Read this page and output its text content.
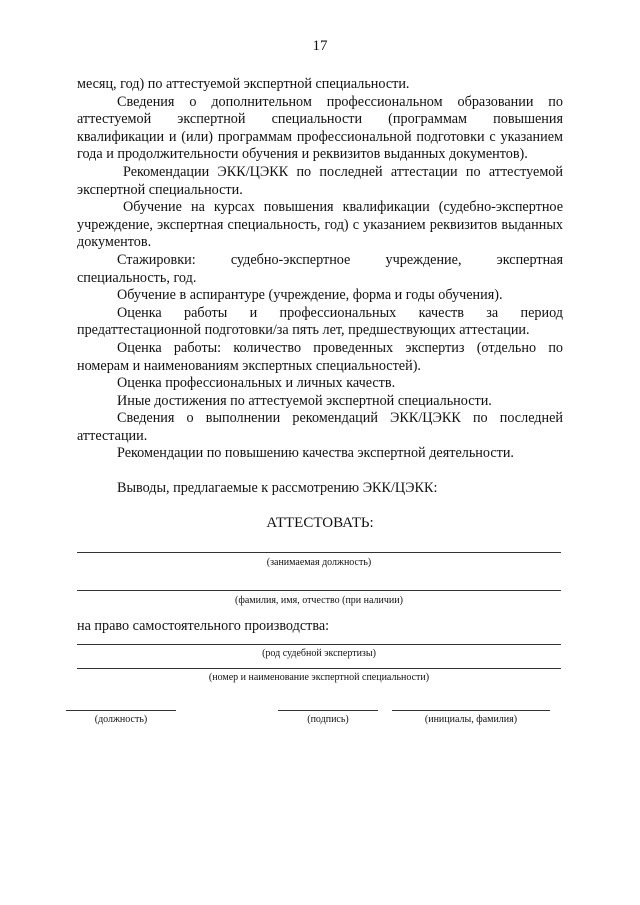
17

месяц, год) по аттестуемой экспертной специальности.

Сведения о дополнительном профессиональном образовании по аттестуемой экспертной специальности (программам повышения квалификации и (или) программам профессиональной подготовки с указанием года и продолжительности обучения и реквизитов выданных документов).

Рекомендации ЭКК/ЦЭКК по последней аттестации по аттестуемой экспертной специальности.

Обучение на курсах повышения квалификации (судебно-экспертное учреждение, экспертная специальность, год) с указанием реквизитов выданных документов.

Стажировки: судебно-экспертное учреждение, экспертная специальность, год.

Обучение в аспирантуре (учреждение, форма и годы обучения).

Оценка работы и профессиональных качеств за период предаттестационной подготовки/за пять лет, предшествующих аттестации.

Оценка работы: количество проведенных экспертиз (отдельно по номерам и наименованиям экспертных специальностей).

Оценка профессиональных и личных качеств.

Иные достижения по аттестуемой экспертной специальности.

Сведения о выполнении рекомендаций ЭКК/ЦЭКК по последней аттестации.

Рекомендации по повышению качества экспертной деятельности.

Выводы, предлагаемые к рассмотрению ЭКК/ЦЭКК:

АТТЕСТОВАТЬ:
(занимаемая должность)
(фамилия, имя, отчество (при наличии)
на право самостоятельного производства:
(род судебной экспертизы)
(номер и наименование экспертной специальности)
(должность)	(подпись)	(инициалы, фамилия)
